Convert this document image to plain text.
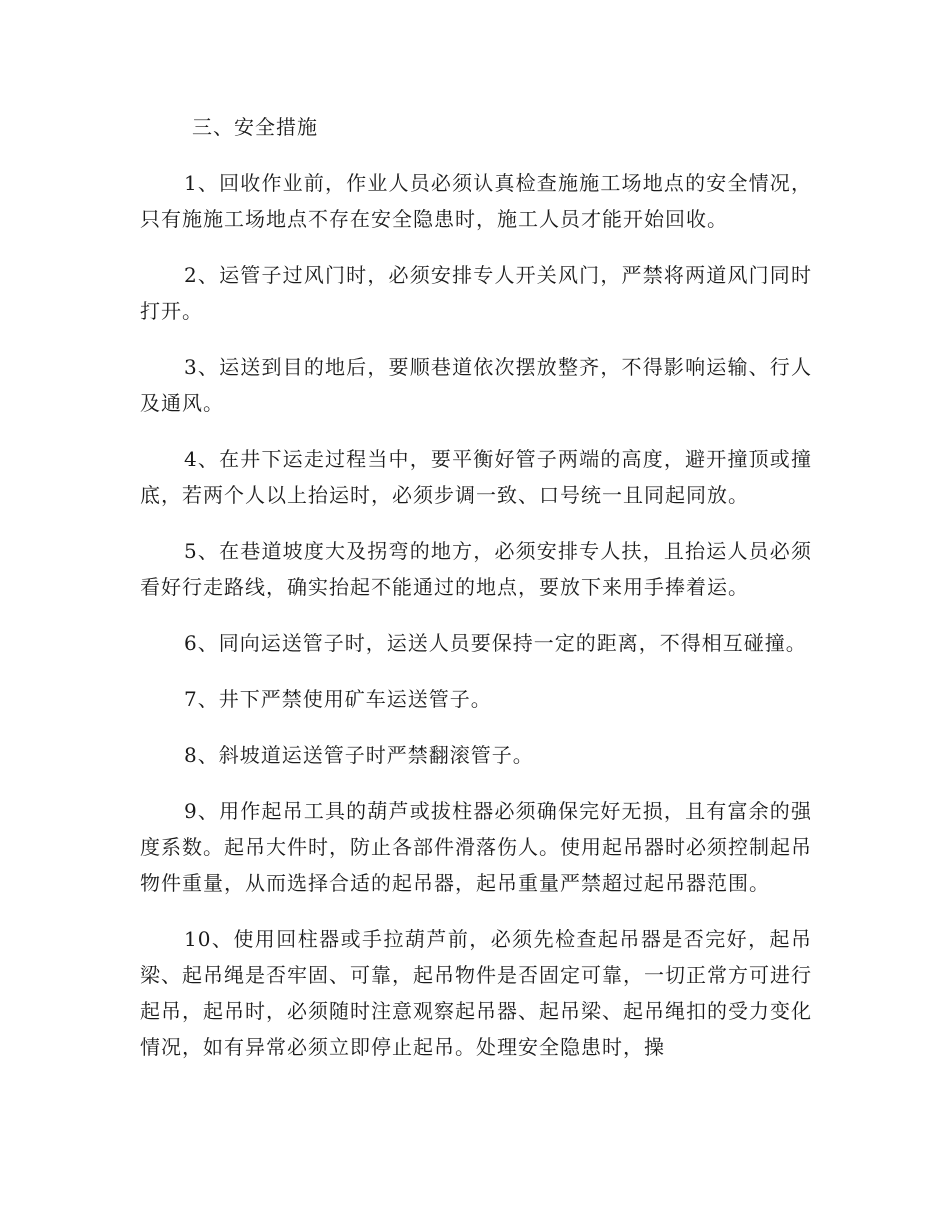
三、安全措施

1、回收作业前，作业人员必须认真检查施施工场地点的安全情况，只有施施工场地点不存在安全隐患时，施工人员才能开始回收。

2、运管子过风门时，必须安排专人开关风门，严禁将两道风门同时打开。

3、运送到目的地后，要顺巷道依次摆放整齐，不得影响运输、行人及通风。

4、在井下运走过程当中，要平衡好管子两端的高度，避开撞顶或撞底，若两个人以上抬运时，必须步调一致、口号统一且同起同放。

5、在巷道坡度大及拐弯的地方，必须安排专人扶，且抬运人员必须看好行走路线，确实抬起不能通过的地点，要放下来用手捧着运。

6、同向运送管子时，运送人员要保持一定的距离，不得相互碰撞。

7、井下严禁使用矿车运送管子。

8、斜坡道运送管子时严禁翻滚管子。

9、用作起吊工具的葫芦或拔柱器必须确保完好无损，且有富余的强度系数。起吊大件时，防止各部件滑落伤人。使用起吊器时必须控制起吊物件重量，从而选择合适的起吊器，起吊重量严禁超过起吊器范围。

10、使用回柱器或手拉葫芦前，必须先检查起吊器是否完好，起吊梁、起吊绳是否牢固、可靠，起吊物件是否固定可靠，一切正常方可进行起吊，起吊时，必须随时注意观察起吊器、起吊梁、起吊绳扣的受力变化情况，如有异常必须立即停止起吊。处理安全隐患时，操
